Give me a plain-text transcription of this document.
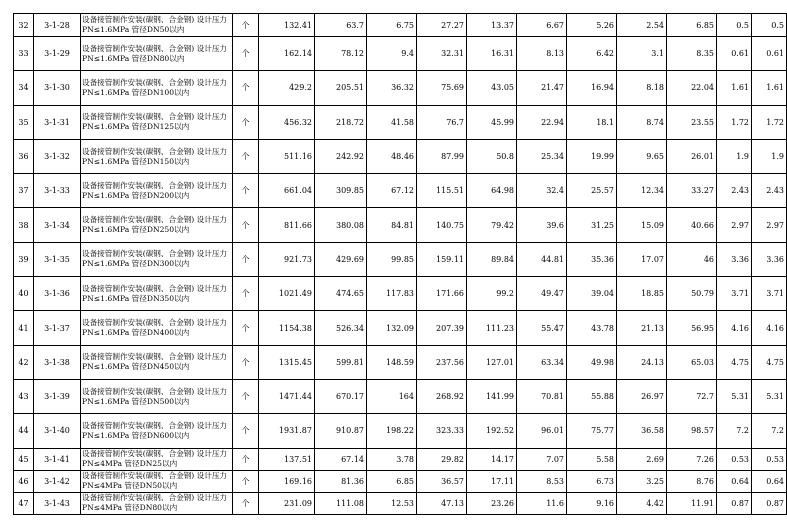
32	3-1-28	设备接管制作安装(碳钢、合金钢) 设计压力PN≤1.6MPa 管径DN50以内	个	132.41	63.7	6.75	27.27	13.37	6.67	5.26	2.54	6.85	0.5	0.5
33	3-1-29	设备接管制作安装(碳钢、合金钢) 设计压力PN≤1.6MPa 管径DN80以内	个	162.14	78.12	9.4	32.31	16.31	8.13	6.42	3.1	8.35	0.61	0.61
34	3-1-30	设备接管制作安装(碳钢、合金钢) 设计压力PN≤1.6MPa 管径DN100以内	个	429.2	205.51	36.32	75.69	43.05	21.47	16.94	8.18	22.04	1.61	1.61
35	3-1-31	设备接管制作安装(碳钢、合金钢) 设计压力PN≤1.6MPa 管径DN125以内	个	456.32	218.72	41.58	76.7	45.99	22.94	18.1	8.74	23.55	1.72	1.72
36	3-1-32	设备接管制作安装(碳钢、合金钢) 设计压力PN≤1.6MPa 管径DN150以内	个	511.16	242.92	48.46	87.99	50.8	25.34	19.99	9.65	26.01	1.9	1.9
37	3-1-33	设备接管制作安装(碳钢、合金钢) 设计压力PN≤1.6MPa 管径DN200以内	个	661.04	309.85	67.12	115.51	64.98	32.4	25.57	12.34	33.27	2.43	2.43
38	3-1-34	设备接管制作安装(碳钢、合金钢) 设计压力PN≤1.6MPa 管径DN250以内	个	811.66	380.08	84.81	140.75	79.42	39.6	31.25	15.09	40.66	2.97	2.97
39	3-1-35	设备接管制作安装(碳钢、合金钢) 设计压力PN≤1.6MPa 管径DN300以内	个	921.73	429.69	99.85	159.11	89.84	44.81	35.36	17.07	46	3.36	3.36
40	3-1-36	设备接管制作安装(碳钢、合金钢) 设计压力PN≤1.6MPa 管径DN350以内	个	1021.49	474.65	117.83	171.66	99.2	49.47	39.04	18.85	50.79	3.71	3.71
41	3-1-37	设备接管制作安装(碳钢、合金钢) 设计压力PN≤1.6MPa 管径DN400以内	个	1154.38	526.34	132.09	207.39	111.23	55.47	43.78	21.13	56.95	4.16	4.16
42	3-1-38	设备接管制作安装(碳钢、合金钢) 设计压力PN≤1.6MPa 管径DN450以内	个	1315.45	599.81	148.59	237.56	127.01	63.34	49.98	24.13	65.03	4.75	4.75
43	3-1-39	设备接管制作安装(碳钢、合金钢) 设计压力PN≤1.6MPa 管径DN500以内	个	1471.44	670.17	164	268.92	141.99	70.81	55.88	26.97	72.7	5.31	5.31
44	3-1-40	设备接管制作安装(碳钢、合金钢) 设计压力PN≤1.6MPa 管径DN600以内	个	1931.87	910.87	198.22	323.33	192.52	96.01	75.77	36.58	98.57	7.2	7.2
45	3-1-41	设备接管制作安装(碳钢、合金钢) 设计压力PN≤4MPa 管径DN25以内	个	137.51	67.14	3.78	29.82	14.17	7.07	5.58	2.69	7.26	0.53	0.53
46	3-1-42	设备接管制作安装(碳钢、合金钢) 设计压力PN≤4MPa 管径DN50以内	个	169.16	81.36	6.85	36.57	17.11	8.53	6.73	3.25	8.76	0.64	0.64
47	3-1-43	设备接管制作安装(碳钢、合金钢) 设计压力PN≤4MPa 管径DN80以内	个	231.09	111.08	12.53	47.13	23.26	11.6	9.16	4.42	11.91	0.87	0.87
